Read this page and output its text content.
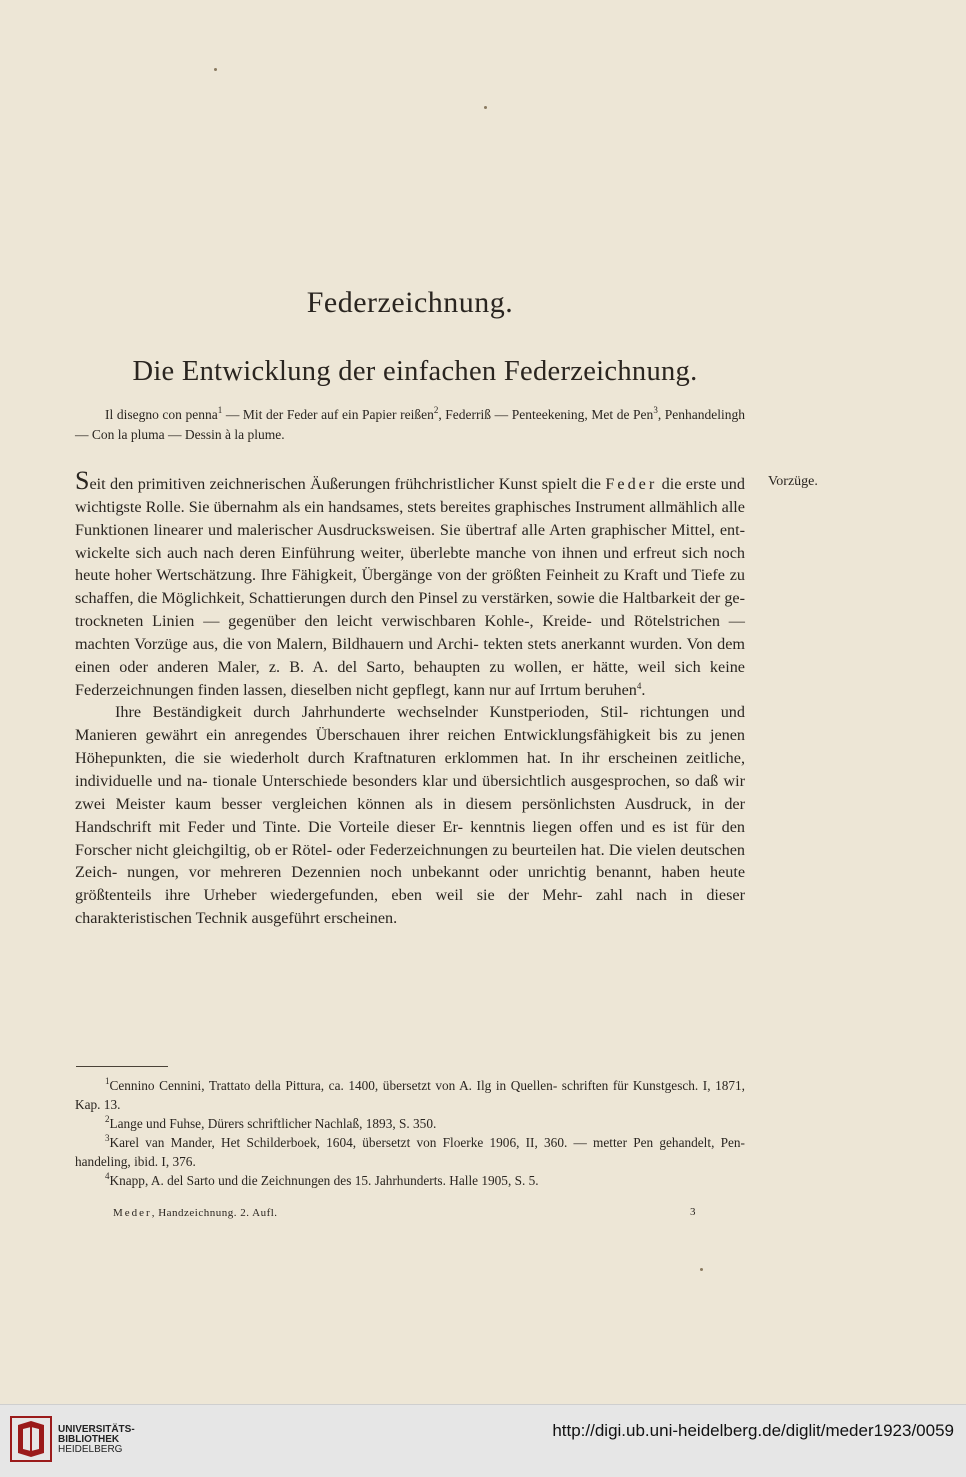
Federzeichnung.
Die Entwicklung der einfachen Federzeichnung.

Il disegno con penna$^1$ — Mit der Feder auf ein Papier reißen$^2$, Federriß — Penteekening, Met de Pen$^3$, Penhandelingh — Con la pluma — Dessin à la plume.

Vorzüge.

Seit den primitiven zeichnerischen Äußerungen frühchristlicher Kunst spielt die Feder die erste und wichtigste Rolle. Sie übernahm als ein handsames, stets bereites graphisches Instrument allmählich alle Funktionen linearer und malerischer Ausdrucksweisen. Sie übertraf alle Arten graphischer Mittel, ent- wickelte sich auch nach deren Einführung weiter, überlebte manche von ihnen und erfreut sich noch heute hoher Wertschätzung. Ihre Fähigkeit, Übergänge von der größten Feinheit zu Kraft und Tiefe zu schaffen, die Möglichkeit, Schattierungen durch den Pinsel zu verstärken, sowie die Haltbarkeit der ge- trockneten Linien — gegenüber den leicht verwischbaren Kohle-, Kreide- und Rötelstrichen — machten Vorzüge aus, die von Malern, Bildhauern und Archi- tekten stets anerkannt wurden. Von dem einen oder anderen Maler, z. B. A. del Sarto, behaupten zu wollen, er hätte, weil sich keine Federzeichnungen finden lassen, dieselben nicht gepflegt, kann nur auf Irrtum beruhen$^4$.

Ihre Beständigkeit durch Jahrhunderte wechselnder Kunstperioden, Stil- richtungen und Manieren gewährt ein anregendes Überschauen ihrer reichen Entwicklungsfähigkeit bis zu jenen Höhepunkten, die sie wiederholt durch Kraftnaturen erklommen hat. In ihr erscheinen zeitliche, individuelle und na- tionale Unterschiede besonders klar und übersichtlich ausgesprochen, so daß wir zwei Meister kaum besser vergleichen können als in diesem persönlichsten Ausdruck, in der Handschrift mit Feder und Tinte. Die Vorteile dieser Er- kenntnis liegen offen und es ist für den Forscher nicht gleichgiltig, ob er Rötel- oder Federzeichnungen zu beurteilen hat. Die vielen deutschen Zeich- nungen, vor mehreren Dezennien noch unbekannt oder unrichtig benannt, haben heute größtenteils ihre Urheber wiedergefunden, eben weil sie der Mehr- zahl nach in dieser charakteristischen Technik ausgeführt erscheinen.

$^1$Cennino Cennini, Trattato della Pittura, ca. 1400, übersetzt von A. Ilg in Quellen- schriften für Kunstgesch. I, 1871, Kap. 13.

$^2$Lange und Fuhse, Dürers schriftlicher Nachlaß, 1893, S. 350.

$^3$Karel van Mander, Het Schilderboek, 1604, übersetzt von Floerke 1906, II, 360. — metter Pen gehandelt, Pen-handeling, ibid. I, 376.

$^4$Knapp, A. del Sarto und die Zeichnungen des 15. Jahrhunderts. Halle 1905, S. 5.

Meder, Handzeichnung. 2. Aufl.	3
UNIVERSITÄTS-
BIBLIOTHEK
HEIDELBERG
http://digi.ub.uni-heidelberg.de/diglit/meder1923/0059
